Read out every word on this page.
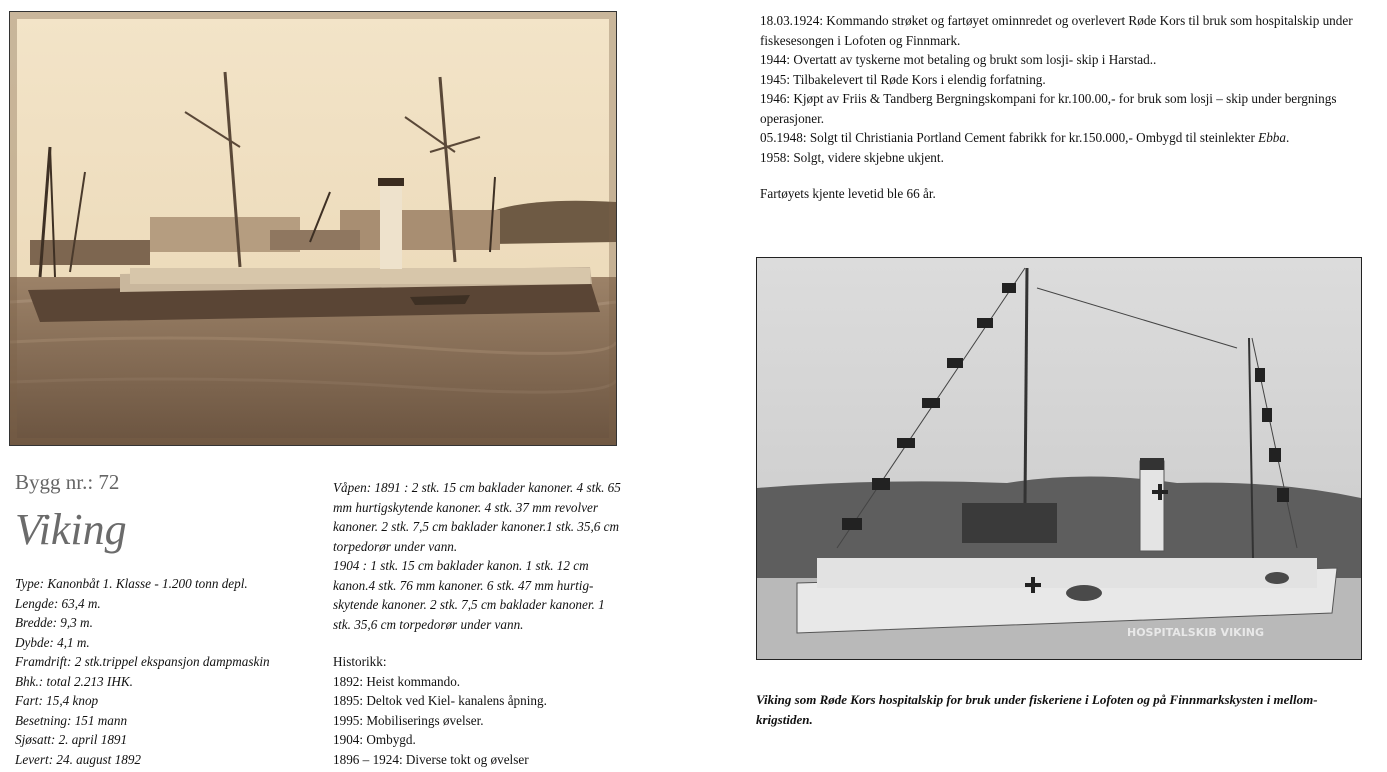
Bygg nr.: 72
Viking
Type: Kanonbåt 1. Klasse - 1.200 tonn depl.
Lengde: 63,4 m.
Bredde: 9,3 m.
Dybde: 4,1 m.
Framdrift: 2 stk.trippel ekspansjon dampmaskin
Bhk.: total 2.213 IHK.
Fart: 15,4 knop
Besetning: 151 mann
Sjøsatt: 2. april 1891
Levert: 24. august 1892

Våpen: 1891 : 2 stk. 15 cm baklader kanoner. 4 stk. 65 mm hurtigskytende kanoner. 4 stk. 37 mm revolver kanoner. 2 stk. 7,5 cm baklader kanoner.1 stk. 35,6 cm torpedorør under vann.

1904 : 1 stk. 15 cm baklader kanon. 1 stk. 12 cm kanon.4 stk. 76 mm kanoner. 6 stk. 47 mm hurtig-skytende kanoner. 2 stk. 7,5 cm baklader kanoner. 1 stk. 35,6 cm torpedorør under vann.

Historikk:
1892: Heist kommando.
1895: Deltok ved Kiel- kanalens åpning.
1995: Mobiliserings øvelser.
1904: Ombygd.
1896 – 1924: Diverse tokt og øvelser

18.03.1924: Kommando strøket og fartøyet ominnredet og overlevert Røde Kors til bruk som hospitalskip under fiskesesongen i Lofoten og Finnmark.

1944: Overtatt av tyskerne mot betaling og brukt som losji- skip i Harstad..

1945: Tilbakelevert til Røde Kors i elendig forfatning.

1946: Kjøpt av Friis & Tandberg Bergningskompani for kr.100.00,- for bruk som losji – skip under bergnings operasjoner.

05.1948: Solgt til Christiania Portland Cement fabrikk for kr.150.000,- Ombygd til steinlekter Ebba.

1958: Solgt, videre skjebne ukjent.

Fartøyets kjente levetid ble 66 år.
HOSPITALSKIB VIKING
Viking som Røde Kors hospitalskip for bruk under fiskeriene i Lofoten og på Finnmarkskysten i mellom-krigstiden.
